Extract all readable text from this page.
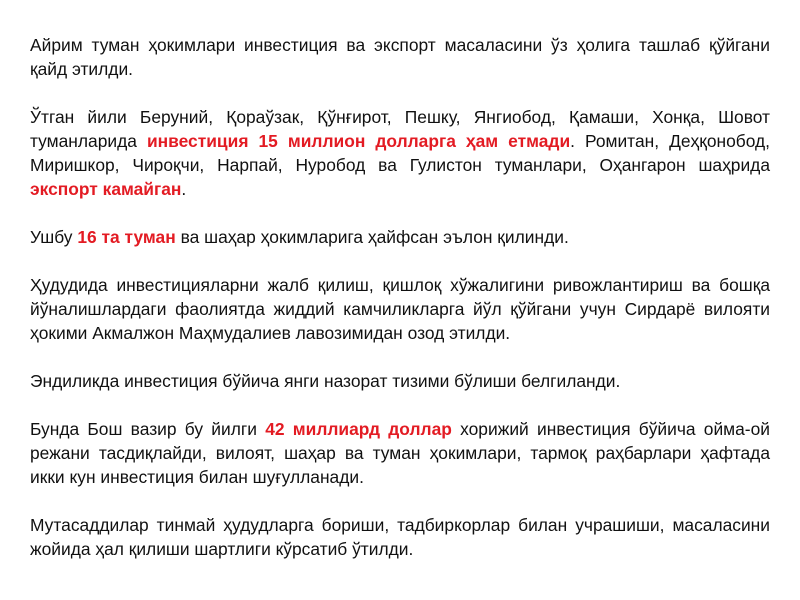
Айрим туман ҳокимлари инвестиция ва экспорт масаласини ўз ҳолига ташлаб қўйгани қайд этилди.

Ўтган йили Беруний, Қораўзак, Қўнғирот, Пешку, Янгиобод, Қамаши, Хонқа, Шовот туманларида инвестиция 15 миллион долларга ҳам етмади. Ромитан, Деҳқонобод, Миришкор, Чироқчи, Нарпай, Нуробод ва Гулистон туманлари, Оҳангарон шаҳрида экспорт камайган.

Ушбу 16 та туман ва шаҳар ҳокимларига ҳайфсан эълон қилинди.

Ҳудудида инвестицияларни жалб қилиш, қишлоқ хўжалигини ривожлантириш ва бошқа йўналишлардаги фаолиятда жиддий камчиликларга йўл қўйгани учун Сирдарё вилояти ҳокими Акмалжон Маҳмудалиев лавозимидан озод этилди.

Эндиликда инвестиция бўйича янги назорат тизими бўлиши белгиланди.

Бунда Бош вазир бу йилги 42 миллиард доллар хорижий инвестиция бўйича ойма-ой режани тасдиқлайди, вилоят, шаҳар ва туман ҳокимлари, тармоқ раҳбарлари ҳафтада икки кун инвестиция билан шуғулланади.

Мутасаддилар тинмай ҳудудларга бориши, тадбиркорлар билан учрашиши, масаласини жойида ҳал қилиши шартлиги кўрсатиб ўтилди.
